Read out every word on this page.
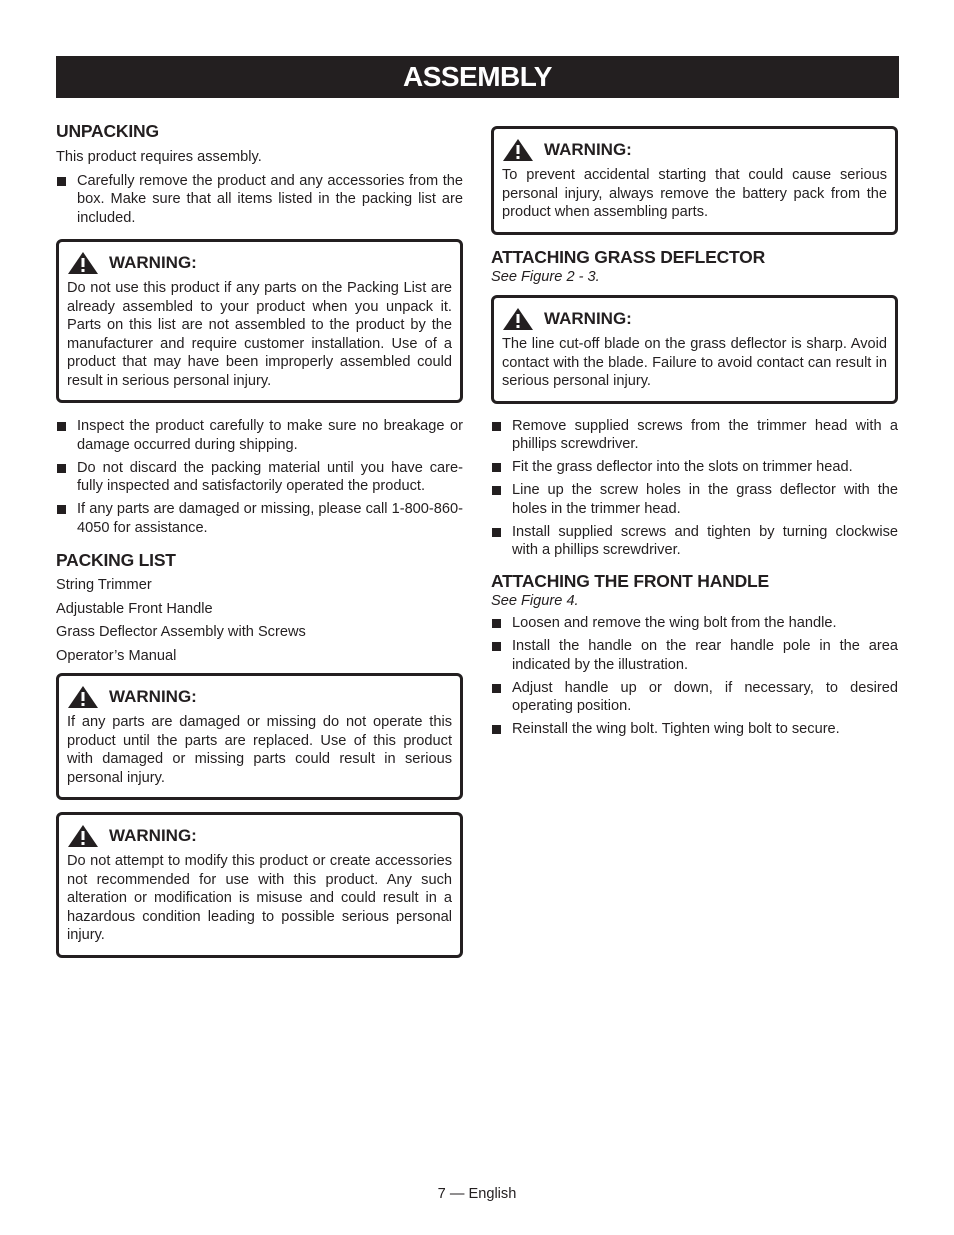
ASSEMBLY
UNPACKING

This product requires assembly.

Carefully remove the product and any accessories from the box. Make sure that all items listed in the packing list are included.
WARNING:
Do not use this product if any parts on the Packing List are already assembled to your product when you unpack it. Parts on this list are not assembled to the product by the manufacturer and require customer installation. Use of a product that may have been improperly assembled could result in serious personal injury.
Inspect the product carefully to make sure no breakage or damage occurred during shipping.
Do not discard the packing material until you have care-fully inspected and satisfactorily operated the product.
If any parts are damaged or missing, please call 1-800-860-4050 for assistance.
PACKING LIST

String Trimmer

Adjustable Front Handle

Grass Deflector Assembly with Screws

Operator’s Manual

WARNING:
If any parts are damaged or missing do not operate this product until the parts are replaced. Use of this product with damaged or missing parts could result in serious personal injury.
WARNING:
Do not attempt to modify this product or create accessories not recommended for use with this product. Any such alteration or modification is misuse and could result in a hazardous condition leading to possible serious personal injury.
WARNING:
To prevent accidental starting that could cause serious personal injury, always remove the battery pack from the product when assembling parts.
ATTACHING GRASS DEFLECTOR

See Figure 2 - 3.

WARNING:
The line cut-off blade on the grass deflector is sharp. Avoid contact with the blade. Failure to avoid contact can result in serious personal injury.
Remove supplied screws from the trimmer head with a phillips screwdriver.
Fit the grass deflector into the slots on trimmer head.
Line up the screw holes in the grass deflector with the holes in the trimmer head.
Install supplied screws and tighten by turning clockwise with a phillips screwdriver.
ATTACHING THE FRONT HANDLE

See Figure 4.

Loosen and remove the wing bolt from the handle.
Install the handle on the rear handle pole in the area indicated by the illustration.
Adjust handle up or down, if necessary, to desired operating position.
Reinstall the wing bolt. Tighten wing bolt to secure.
7 — English
